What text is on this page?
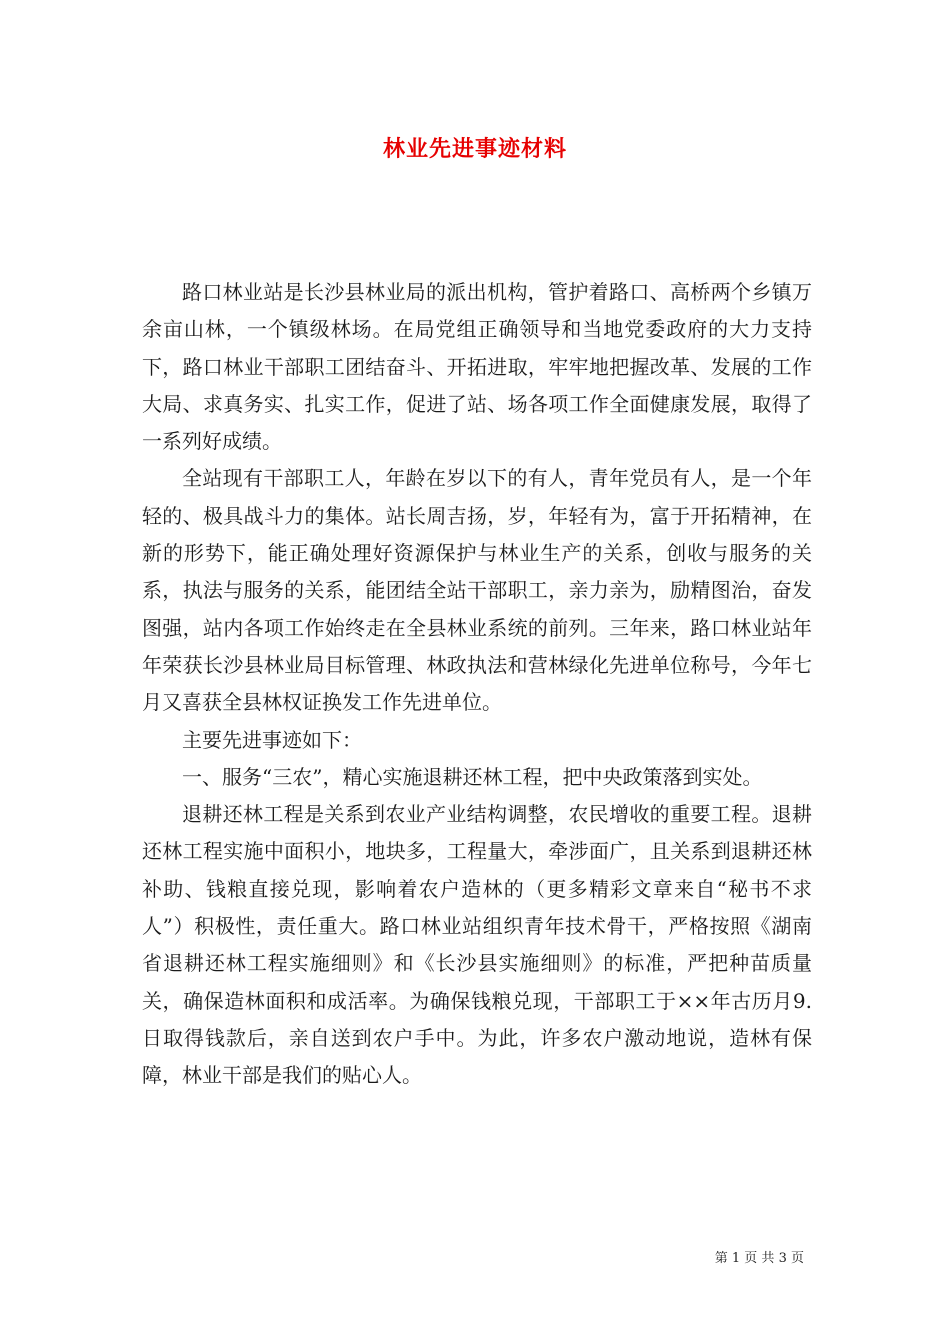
林业先进事迹材料

路口林业站是长沙县林业局的派出机构，管护着路口、高桥两个乡镇万余亩山林，一个镇级林场。在局党组正确领导和当地党委政府的大力支持下，路口林业干部职工团结奋斗、开拓进取，牢牢地把握改革、发展的工作大局、求真务实、扎实工作，促进了站、场各项工作全面健康发展，取得了一系列好成绩。

全站现有干部职工人，年龄在岁以下的有人，青年党员有人，是一个年轻的、极具战斗力的集体。站长周吉扬，岁，年轻有为，富于开拓精神，在新的形势下，能正确处理好资源保护与林业生产的关系，创收与服务的关系，执法与服务的关系，能团结全站干部职工，亲力亲为，励精图治，奋发图强，站内各项工作始终走在全县林业系统的前列。三年来，路口林业站年年荣获长沙县林业局目标管理、林政执法和营林绿化先进单位称号，今年七月又喜获全县林权证换发工作先进单位。

主要先进事迹如下：

一、服务“三农”，精心实施退耕还林工程，把中央政策落到实处。

退耕还林工程是关系到农业产业结构调整，农民增收的重要工程。退耕还林工程实施中面积小，地块多，工程量大，牵涉面广，且关系到退耕还林补助、钱粮直接兑现，影响着农户造林的（更多精彩文章来自“秘书不求人”）积极性，责任重大。路口林业站组织青年技术骨干，严格按照《湖南省退耕还林工程实施细则》和《长沙县实施细则》的标准，严把种苗质量关，确保造林面积和成活率。为确保钱粮兑现，干部职工于××年古历月9.日取得钱款后，亲自送到农户手中。为此，许多农户激动地说，造林有保障，林业干部是我们的贴心人。

第 1 页 共 3 页
